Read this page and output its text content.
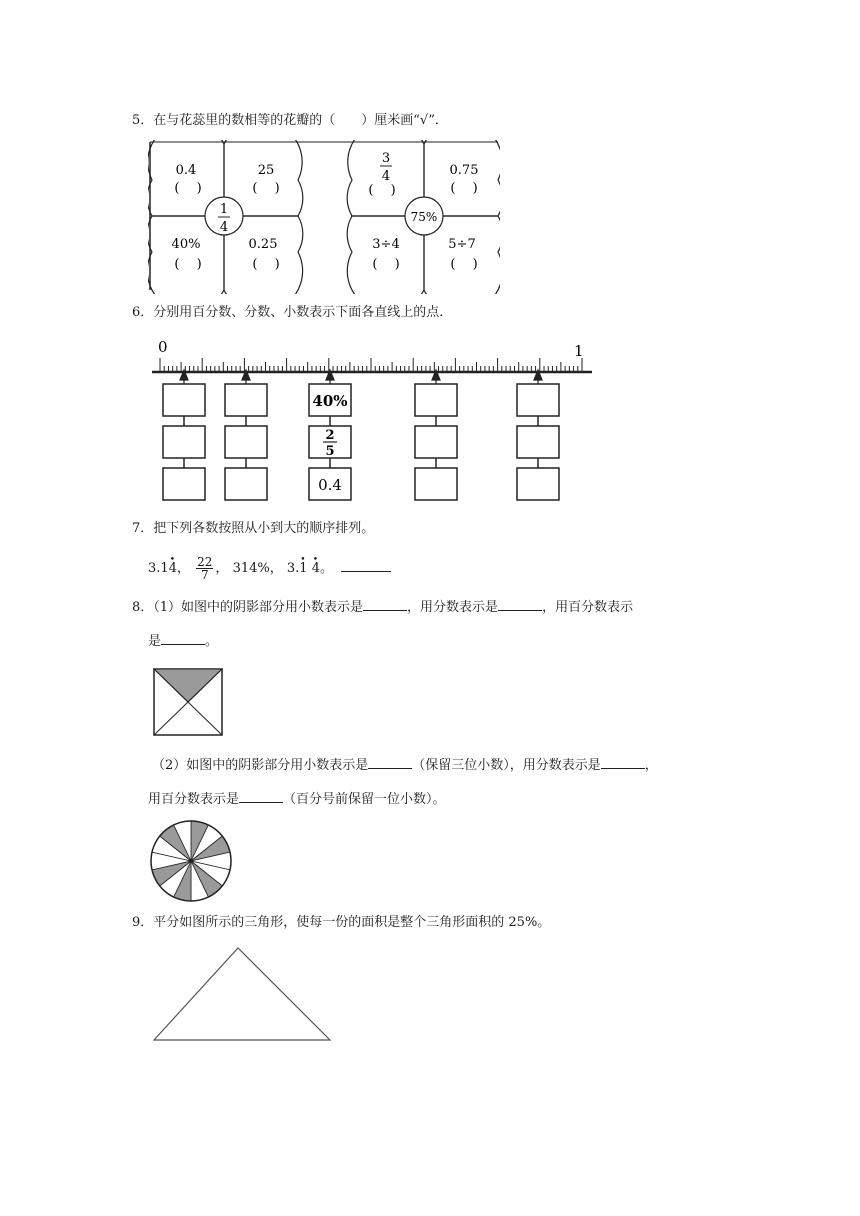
5．在与花蕊里的数相等的花瓣的（　　）厘米画“√”．
1
4
0.4	25
40%	0.25
(　 )	(　 )
(　 )	(　 )
75%
3
4	0.75
3÷4	5÷7
(　 )	(　 )
(　 )	(　 )
6．分别用百分数、分数、小数表示下面各直线上的点．
0	1
40%
2
5
0.4
7．把下列各数按照从小到大的顺序排列。
3.1• 4， $\frac{22}{7}$ ， 314%， 3.• 1 • 4。
8．（1）如图中的阴影部分用小数表示是	，用分数表示是	，用百分数表示
是	。
（2）如图中的阴影部分用小数表示是	（保留三位小数），用分数表示是	，
用百分数表示是	（百分号前保留一位小数）。
9．平分如图所示的三角形，使每一份的面积是整个三角形面积的 25%。
